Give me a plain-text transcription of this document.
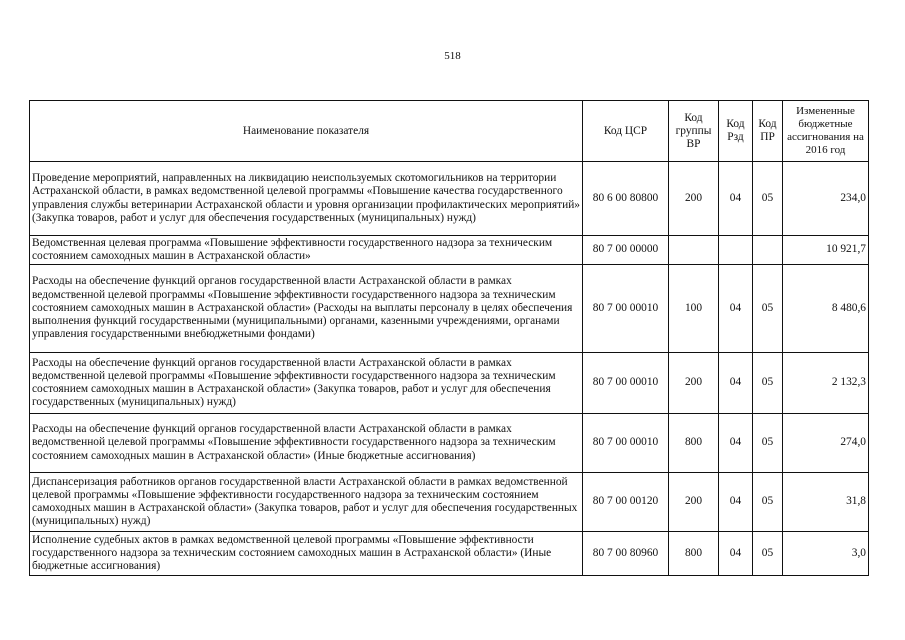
518
Наименование показателя	Код ЦСР	Код группы ВР	Код Рзд	Код ПР	Измененные бюджетные ассигнования на 2016 год
Проведение мероприятий, направленных на ликвидацию неиспользуемых скотомогильников на территории Астраханской области, в рамках ведомственной целевой программы «Повышение качества государственного управления службы ветеринарии Астраханской области и уровня организации профилактических мероприятий» (Закупка товаров, работ и услуг для обеспечения государственных (муниципальных) нужд)	80 6 00 80800	200	04	05	234,0
Ведомственная целевая программа «Повышение эффективности государственного надзора за техническим состоянием самоходных машин в Астраханской области»	80 7 00 00000				10 921,7
Расходы на обеспечение функций органов государственной власти Астраханской области в рамках ведомственной целевой программы «Повышение эффективности государственного надзора за техническим состоянием самоходных машин в Астраханской области» (Расходы на выплаты персоналу в целях обеспечения выполнения функций государственными (муниципальными) органами, казенными учреждениями, органами управления государственными внебюджетными фондами)	80 7 00 00010	100	04	05	8 480,6
Расходы на обеспечение функций органов государственной власти Астраханской области в рамках ведомственной целевой программы «Повышение эффективности государственного надзора за техническим состоянием самоходных машин в Астраханской области» (Закупка товаров, работ и услуг для обеспечения государственных (муниципальных) нужд)	80 7 00 00010	200	04	05	2 132,3
Расходы на обеспечение функций органов государственной власти Астраханской области в рамках ведомственной целевой программы «Повышение эффективности государственного надзора за техническим состоянием самоходных машин в Астраханской области» (Иные бюджетные ассигнования)	80 7 00 00010	800	04	05	274,0
Диспансеризация работников органов государственной власти Астраханской области в рамках ведомственной целевой программы «Повышение эффективности государственного надзора за техническим состоянием самоходных машин в Астраханской области» (Закупка товаров, работ и услуг для обеспечения государственных (муниципальных) нужд)	80 7 00 00120	200	04	05	31,8
Исполнение судебных актов в рамках ведомственной целевой программы «Повышение эффективности государственного надзора за техническим состоянием самоходных машин в Астраханской области» (Иные бюджетные ассигнования)	80 7 00 80960	800	04	05	3,0
